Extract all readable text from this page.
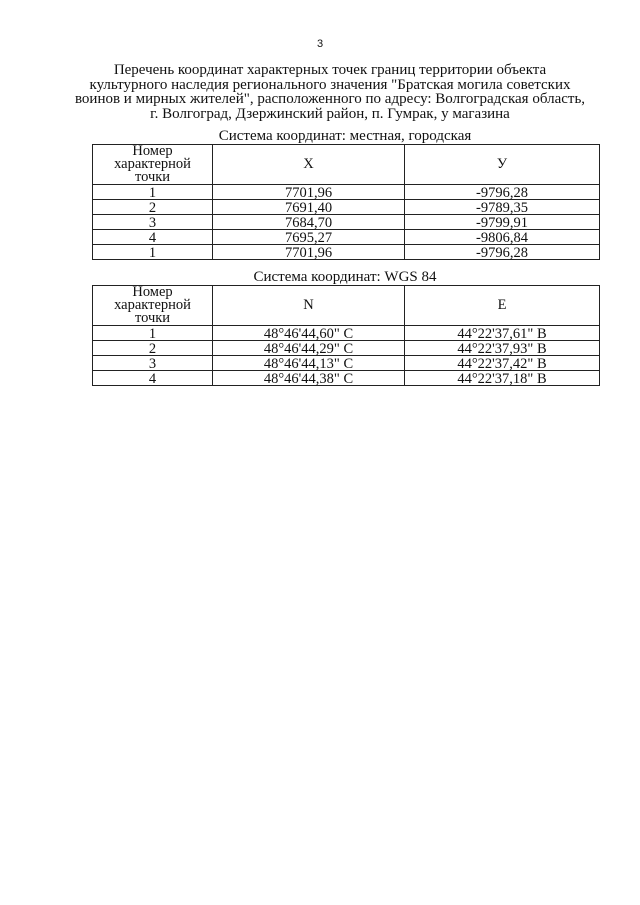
3
Перечень координат характерных точек границ территории объекта
культурного наследия регионального значения "Братская могила советских
воинов и мирных жителей", расположенного по адресу: Волгоградская область,
г. Волгоград, Дзержинский район, п. Гумрак, у магазина
Система координат: местная, городская
Номер характерной точки	X	У
1	7701,96	-9796,28
2	7691,40	-9789,35
3	7684,70	-9799,91
4	7695,27	-9806,84
1	7701,96	-9796,28
Система координат: WGS 84
Номер характерной точки	N	E
1	48°46'44,60" С	44°22'37,61" В
2	48°46'44,29" С	44°22'37,93" В
3	48°46'44,13" С	44°22'37,42" В
4	48°46'44,38" С	44°22'37,18" В
